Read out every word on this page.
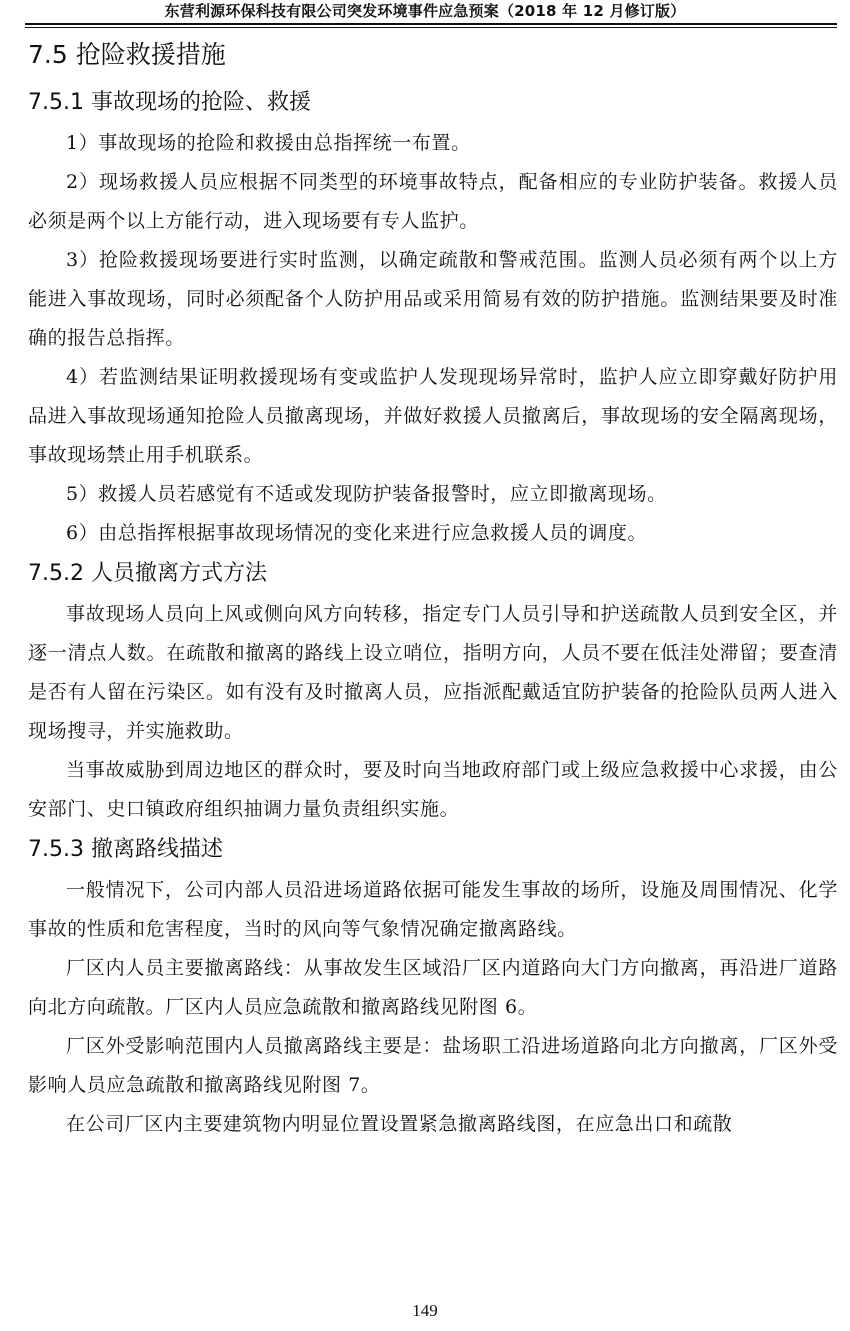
东营利源环保科技有限公司突发环境事件应急预案（2018 年 12 月修订版）
7.5 抢险救援措施
7.5.1 事故现场的抢险、救援

1）事故现场的抢险和救援由总指挥统一布置。

2）现场救援人员应根据不同类型的环境事故特点，配备相应的专业防护装备。救援人员必须是两个以上方能行动，进入现场要有专人监护。

3）抢险救援现场要进行实时监测，以确定疏散和警戒范围。监测人员必须有两个以上方能进入事故现场，同时必须配备个人防护用品或采用简易有效的防护措施。监测结果要及时准确的报告总指挥。

4）若监测结果证明救援现场有变或监护人发现现场异常时，监护人应立即穿戴好防护用品进入事故现场通知抢险人员撤离现场，并做好救援人员撤离后，事故现场的安全隔离现场，事故现场禁止用手机联系。

5）救援人员若感觉有不适或发现防护装备报警时，应立即撤离现场。

6）由总指挥根据事故现场情况的变化来进行应急救援人员的调度。

7.5.2 人员撤离方式方法

事故现场人员向上风或侧向风方向转移，指定专门人员引导和护送疏散人员到安全区，并逐一清点人数。在疏散和撤离的路线上设立哨位，指明方向，人员不要在低洼处滞留；要查清是否有人留在污染区。如有没有及时撤离人员，应指派配戴适宜防护装备的抢险队员两人进入现场搜寻，并实施救助。

当事故威胁到周边地区的群众时，要及时向当地政府部门或上级应急救援中心求援，由公安部门、史口镇政府组织抽调力量负责组织实施。

7.5.3 撤离路线描述

一般情况下，公司内部人员沿进场道路依据可能发生事故的场所，设施及周围情况、化学事故的性质和危害程度，当时的风向等气象情况确定撤离路线。

厂区内人员主要撤离路线：从事故发生区域沿厂区内道路向大门方向撤离，再沿进厂道路向北方向疏散。厂区内人员应急疏散和撤离路线见附图 6。

厂区外受影响范围内人员撤离路线主要是：盐场职工沿进场道路向北方向撤离，厂区外受影响人员应急疏散和撤离路线见附图 7。

在公司厂区内主要建筑物内明显位置设置紧急撤离路线图，在应急出口和疏散

149
